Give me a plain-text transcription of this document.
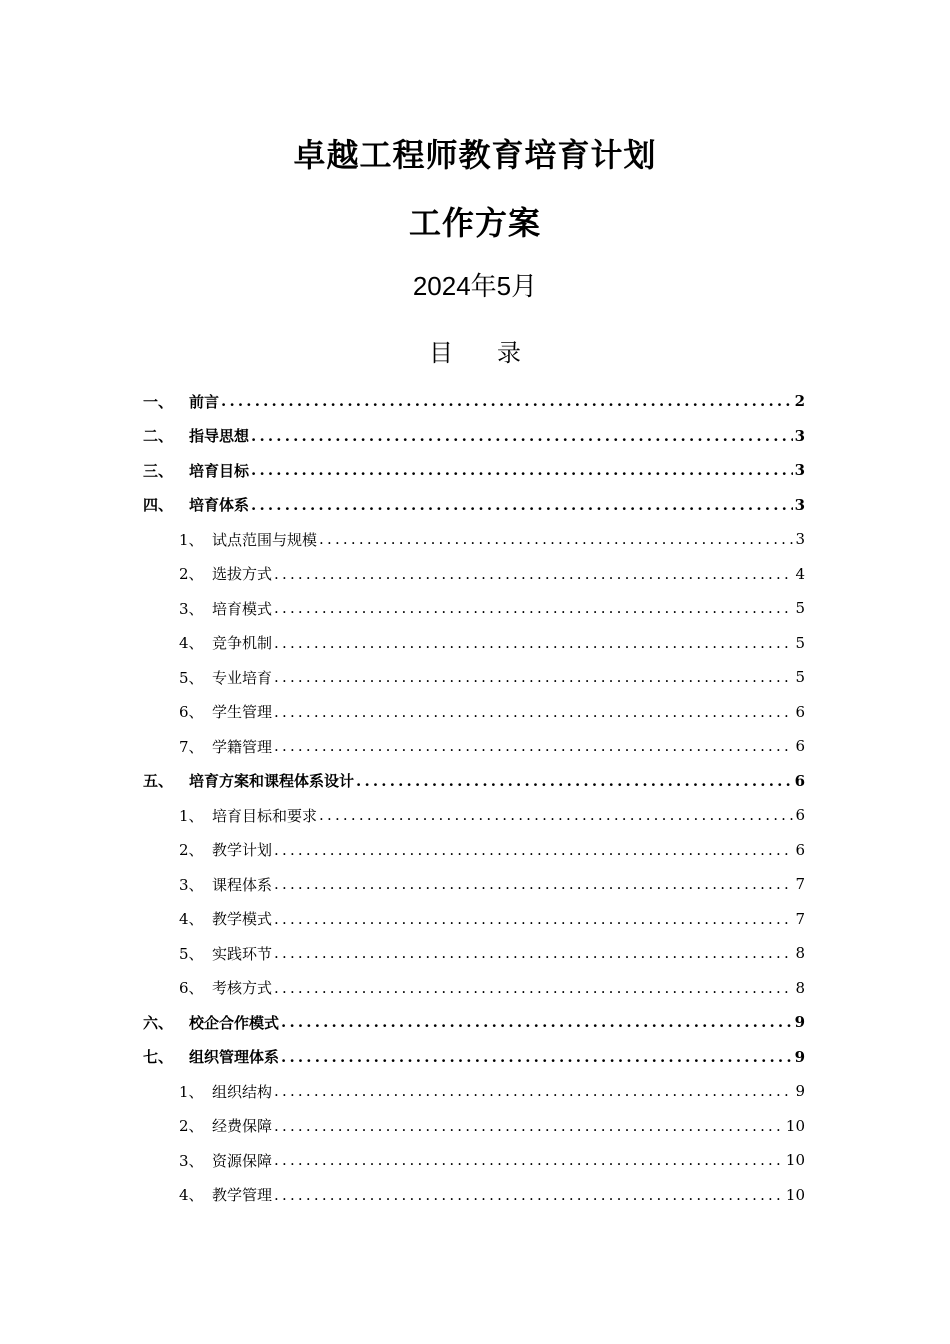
卓越工程师教育培育计划
工作方案
2024年5月
目 录
一、	前言 .....	2
二、	指导思想 .....	3
三、	培育目标 .....	3
四、	培育体系 .....	3
1、 试点范围与规模 .....	3
2、 选拔方式 .....	4
3、 培育模式 .....	5
4、 竞争机制 .....	5
5、 专业培育 .....	5
6、 学生管理 .....	6
7、 学籍管理 .....	6
五、	培育方案和课程体系设计 .....	6
1、 培育目标和要求 .....	6
2、 教学计划 .....	6
3、 课程体系 .....	7
4、 教学模式 .....	7
5、 实践环节 .....	8
6、 考核方式 .....	8
六、	校企合作模式 .....	9
七、	组织管理体系 .....	9
1、 组织结构 .....	9
2、 经费保障 .....	10
3、 资源保障 .....	10
4、 教学管理 .....	10
